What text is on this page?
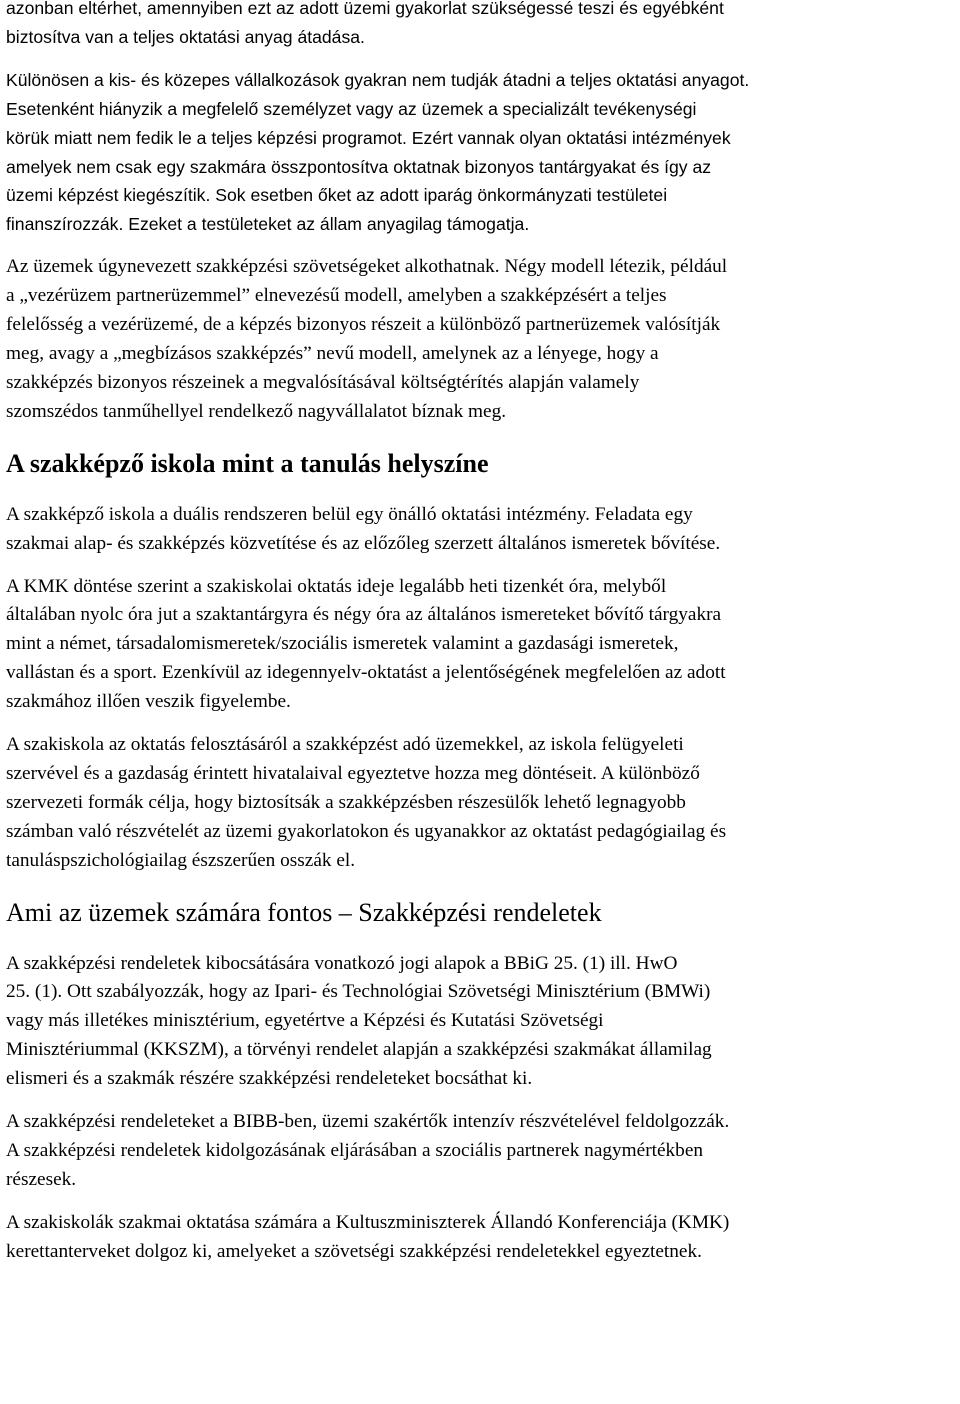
azonban eltérhet, amennyiben ezt az adott üzemi gyakorlat szükségessé teszi és egyébként
biztosítva van a teljes oktatási anyag átadása.
Különösen a kis- és közepes vállalkozások gyakran nem tudják átadni a teljes oktatási anyagot.
Esetenként hiányzik a megfelelő személyzet vagy az üzemek a specializált tevékenységi
körük miatt nem fedik le a teljes képzési programot. Ezért vannak olyan oktatási intézmények
amelyek nem csak egy szakmára összpontosítva oktatnak bizonyos tantárgyakat és így az
üzemi képzést kiegészítik. Sok esetben őket az adott iparág önkormányzati testületei
finanszírozzák. Ezeket a testületeket az állam anyagilag támogatja.
Az üzemek úgynevezett szakképzési szövetségeket alkothatnak. Négy modell létezik, például
a „vezérüzem partnerüzemmel” elnevezésű modell, amelyben a szakképzésért a teljes
felelősség a vezérüzemé, de a képzés bizonyos részeit a különböző partnerüzemek valósítják
meg, avagy a „megbízásos szakképzés” nevű modell, amelynek az a lényege, hogy a
szakképzés bizonyos részeinek a megvalósításával költségtérítés alapján valamely
szomszédos tanműhellyel rendelkező nagyvállalatot bíznak meg.
A szakképző iskola mint a tanulás helyszíne
A szakképző iskola a duális rendszeren belül egy önálló oktatási intézmény. Feladata egy
szakmai alap- és szakképzés közvetítése és az előzőleg szerzett általános ismeretek bővítése.
A KMK döntése szerint a szakiskolai oktatás ideje legalább heti tizenkét óra, melyből
általában nyolc óra jut a szaktantárgyra és négy óra az általános ismereteket bővítő tárgyakra
mint a német, társadalomismeretek/szociális ismeretek valamint a gazdasági ismeretek,
vallástan és a sport. Ezenkívül az idegennyelv-oktatást a jelentőségének megfelelően az adott
szakmához illően veszik figyelembe.
A szakiskola az oktatás felosztásáról a szakképzést adó üzemekkel, az iskola felügyeleti
szervével és a gazdaság érintett hivatalaival egyeztetve hozza meg döntéseit. A különböző
szervezeti formák célja, hogy biztosítsák a szakképzésben részesülők lehető legnagyobb
számban való részvételét az üzemi gyakorlatokon és ugyanakkor az oktatást pedagógiailag és
tanuláspszichológiailag észszerűen osszák el.
Ami az üzemek számára fontos – Szakképzési rendeletek
A szakképzési rendeletek kibocsátására vonatkozó jogi alapok a BBiG 25. (1) ill. HwO
25. (1). Ott szabályozzák, hogy az Ipari- és Technológiai Szövetségi Minisztérium (BMWi)
vagy más illetékes minisztérium, egyetértve a Képzési és Kutatási Szövetségi
Minisztériummal (KKSZM), a törvényi rendelet alapján a szakképzési szakmákat államilag
elismeri és a szakmák részére szakképzési rendeleteket bocsáthat ki.
A szakképzési rendeleteket a BIBB-ben, üzemi szakértők intenzív részvételével feldolgozzák.
A szakképzési rendeletek kidolgozásának eljárásában a szociális partnerek nagymértékben
részesek.
A szakiskolák szakmai oktatása számára a Kultuszminiszterek Állandó Konferenciája (KMK)
kerettanterveket dolgoz ki, amelyeket a szövetségi szakképzési rendeletekkel egyeztetnek.
